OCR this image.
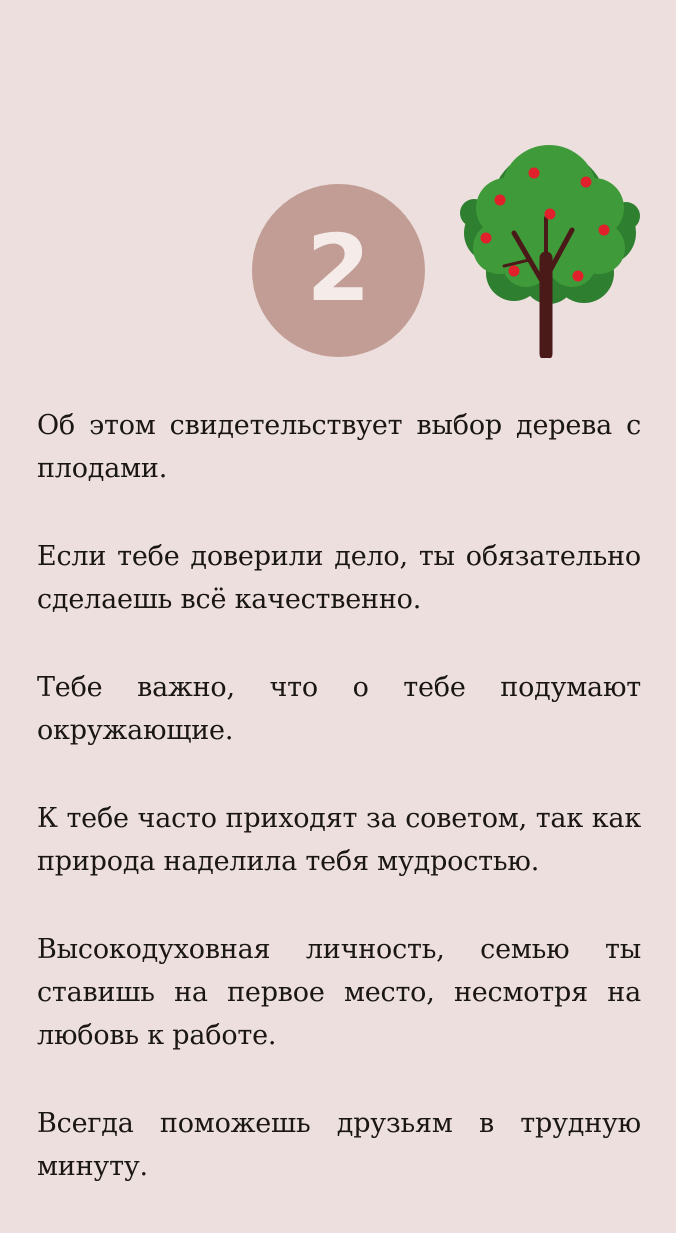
2

Об этом свидетельствует выбор дерева с плодами.

Если тебе доверили дело, ты обязательно сделаешь всё качественно.

Тебе важно, что о тебе подумают окружающие.

К тебе часто приходят за советом, так как природа наделила тебя мудростью.

Высокодуховная личность, семью ты ставишь на первое место, несмотря на любовь к работе.

Всегда поможешь друзьям в трудную минуту.
